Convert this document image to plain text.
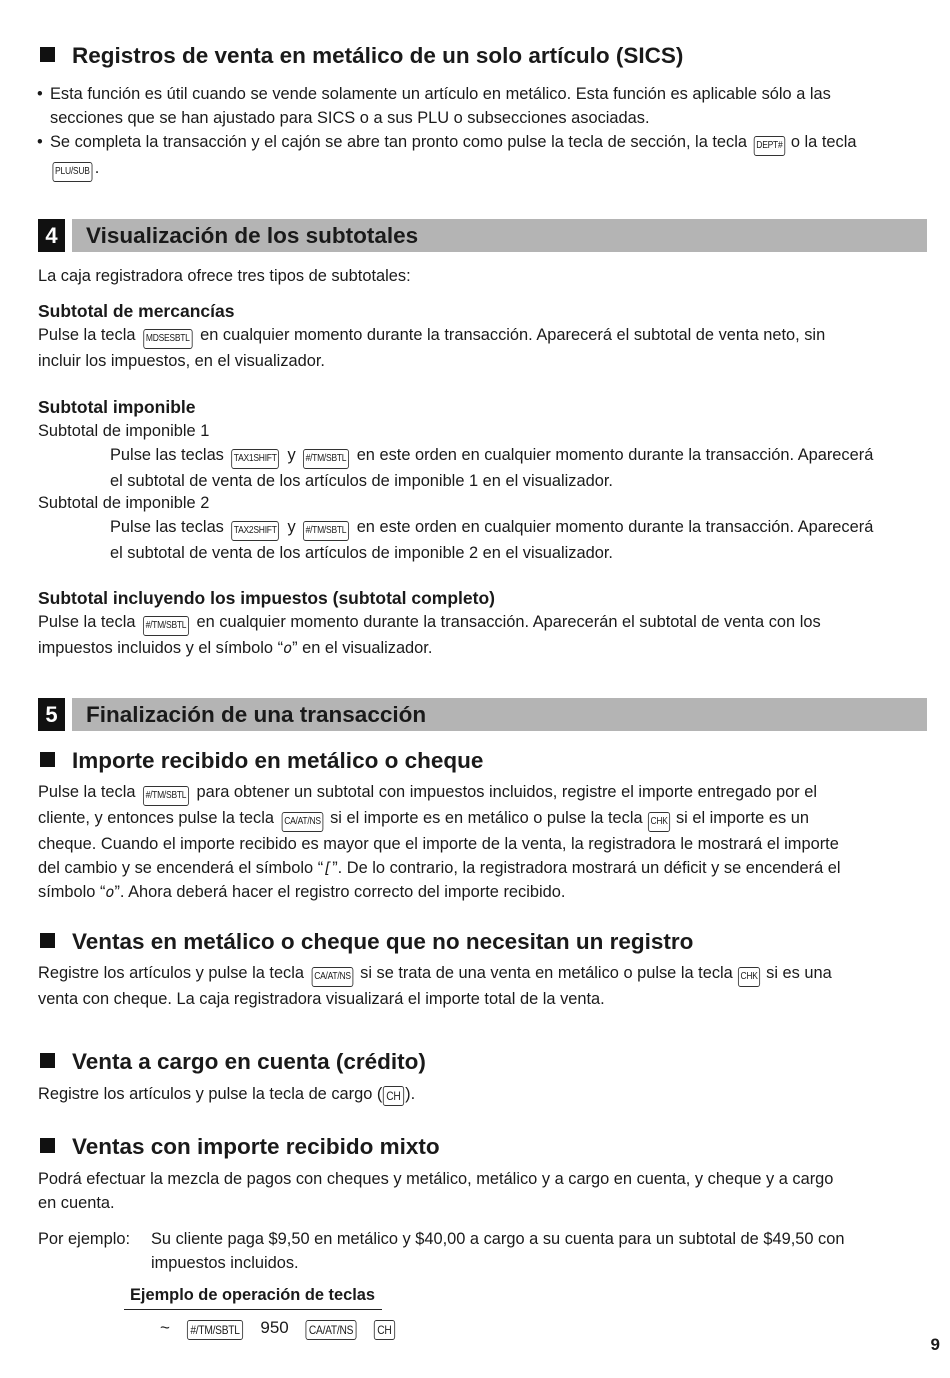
Registros de venta en metálico de un solo artículo (SICS)
• Esta función es útil cuando se vende solamente un artículo en metálico. Esta función es aplicable sólo a las
secciones que se han ajustado para SICS o a sus PLU o subsecciones asociadas.
• Se completa la transacción y el cajón se abre tan pronto como pulse la tecla de sección, la tecla DEPT# o la tecla
PLU/SUB .
4	Visualización de los subtotales
La caja registradora ofrece tres tipos de subtotales:
Subtotal de mercancías
Pulse la tecla MDSESBTL en cualquier momento durante la transacción. Aparecerá el subtotal de venta neto, sin
incluir los impuestos, en el visualizador.
Subtotal imponible
Subtotal de imponible 1
Pulse las teclas TAX1SHIFT y #/TM/SBTL en este orden en cualquier momento durante la transacción. Aparecerá
el subtotal de venta de los artículos de imponible 1 en el visualizador.
Subtotal de imponible 2
Pulse las teclas TAX2SHIFT y #/TM/SBTL en este orden en cualquier momento durante la transacción. Aparecerá
el subtotal de venta de los artículos de imponible 2 en el visualizador.
Subtotal incluyendo los impuestos (subtotal completo)
Pulse la tecla #/TM/SBTL en cualquier momento durante la transacción. Aparecerán el subtotal de venta con los
impuestos incluidos y el símbolo “o” en el visualizador.
5	Finalización de una transacción
Importe recibido en metálico o cheque
Pulse la tecla #/TM/SBTL para obtener un subtotal con impuestos incluidos, registre el importe entregado por el
cliente, y entonces pulse la tecla CA/AT/NS si el importe es en metálico o pulse la tecla CHK si el importe es un
cheque. Cuando el importe recibido es mayor que el importe de la venta, la registradora le mostrará el importe
del cambio y se encenderá el símbolo “[”. De lo contrario, la registradora mostrará un déficit y se encenderá el
símbolo “o”. Ahora deberá hacer el registro correcto del importe recibido.
Ventas en metálico o cheque que no necesitan un registro
Registre los artículos y pulse la tecla CA/AT/NS si se trata de una venta en metálico o pulse la tecla CHK si es una
venta con cheque. La caja registradora visualizará el importe total de la venta.
Venta a cargo en cuenta (crédito)
Registre los artículos y pulse la tecla de cargo ( CH ).
Ventas con importe recibido mixto
Podrá efectuar la mezcla de pagos con cheques y metálico, metálico y a cargo en cuenta, y cheque y a cargo
en cuenta.
Por ejemplo: Su cliente paga $9,50 en metálico y $40,00 a cargo a su cuenta para un subtotal de $49,50 con
impuestos incluidos.
Ejemplo de operación de teclas
~ #/TM/SBTL 950 CA/AT/NS CH
9
